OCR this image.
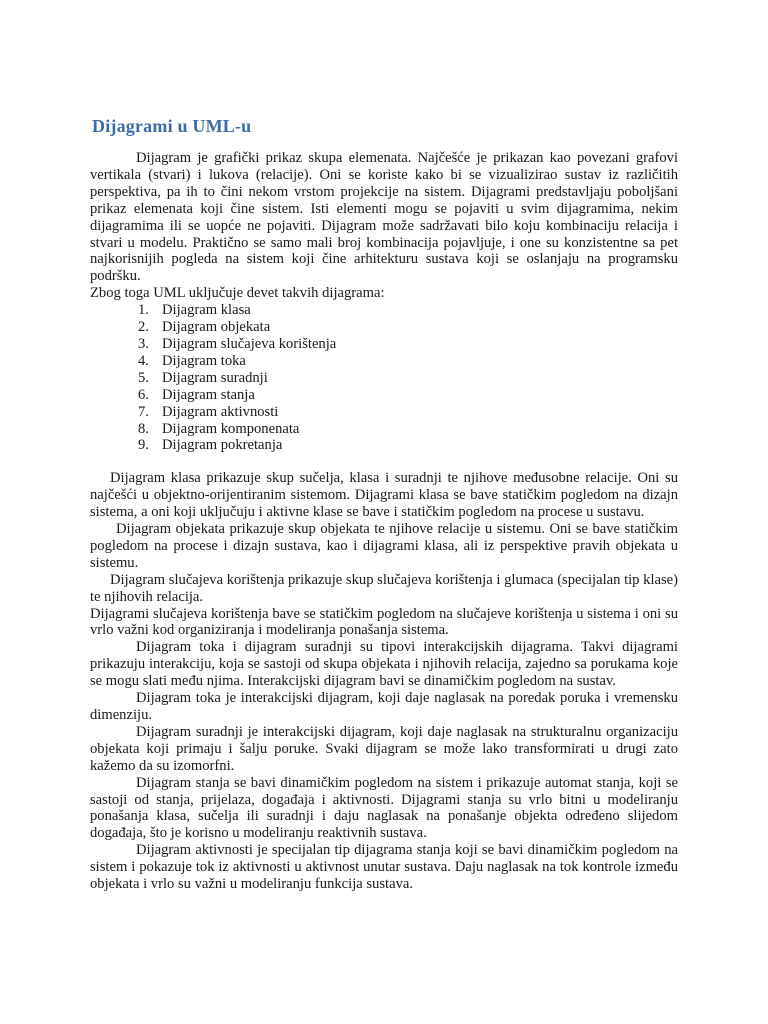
Dijagrami u UML-u

Dijagram je grafički prikaz skupa elemenata. Najčešće je prikazan kao povezani grafovi vertikala (stvari) i lukova (relacije). Oni se koriste kako bi se vizualizirao sustav iz različitih perspektiva, pa ih to čini nekom vrstom projekcije na sistem. Dijagrami predstavljaju poboljšani prikaz elemenata koji čine sistem. Isti elementi mogu se pojaviti u svim dijagramima, nekim dijagramima ili se uopće ne pojaviti. Dijagram može sadržavati bilo koju kombinaciju relacija i stvari u modelu. Praktično se samo mali broj kombinacija pojavljuje, i one su konzistentne sa pet najkorisnijih pogleda na sistem koji čine arhitekturu sustava koji se oslanjaju na programsku podršku.

Zbog toga UML uključuje devet takvih dijagrama:

1. Dijagram klasa
2. Dijagram objekata
3. Dijagram slučajeva korištenja
4. Dijagram toka
5. Dijagram suradnji
6. Dijagram stanja
7. Dijagram aktivnosti
8. Dijagram komponenata
9. Dijagram pokretanja

Dijagram klasa prikazuje skup sučelja, klasa i suradnji te njihove međusobne relacije. Oni su najčešći u objektno-orijentiranim sistemom. Dijagrami klasa se bave statičkim pogledom na dizajn sistema, a oni koji uključuju i aktivne klase se bave i statičkim pogledom na procese u sustavu.

Dijagram objekata prikazuje skup objekata te njihove relacije u sistemu. Oni se bave statičkim pogledom na procese i dizajn sustava, kao i dijagrami klasa, ali iz perspektive pravih objekata u sistemu.

Dijagram slučajeva korištenja prikazuje skup slučajeva korištenja i glumaca (specijalan tip klase) te njihovih relacija.

Dijagrami slučajeva korištenja bave se statičkim pogledom na slučajeve korištenja u sistema i oni su vrlo važni kod organiziranja i modeliranja ponašanja sistema.

Dijagram toka i dijagram suradnji su tipovi interakcijskih dijagrama. Takvi dijagrami prikazuju interakciju, koja se sastoji od skupa objekata i njihovih relacija, zajedno sa porukama koje se mogu slati među njima. Interakcijski dijagram bavi se dinamičkim pogledom na sustav.

Dijagram toka je interakcijski dijagram, koji daje naglasak na poredak poruka i vremensku dimenziju.

Dijagram suradnji je interakcijski dijagram, koji daje naglasak na strukturalnu organizaciju objekata koji primaju i šalju poruke. Svaki dijagram se može lako transformirati u drugi zato kažemo da su izomorfni.

Dijagram stanja se bavi dinamičkim pogledom na sistem i prikazuje automat stanja, koji se sastoji od stanja, prijelaza, događaja i aktivnosti. Dijagrami stanja su vrlo bitni u modeliranju ponašanja klasa, sučelja ili suradnji i daju naglasak na ponašanje objekta određeno slijedom događaja, što je korisno u modeliranju reaktivnih sustava.

Dijagram aktivnosti je specijalan tip dijagrama stanja koji se bavi dinamičkim pogledom na sistem i pokazuje tok iz aktivnosti u aktivnost unutar sustava. Daju naglasak na tok kontrole između objekata i vrlo su važni u modeliranju funkcija sustava.
